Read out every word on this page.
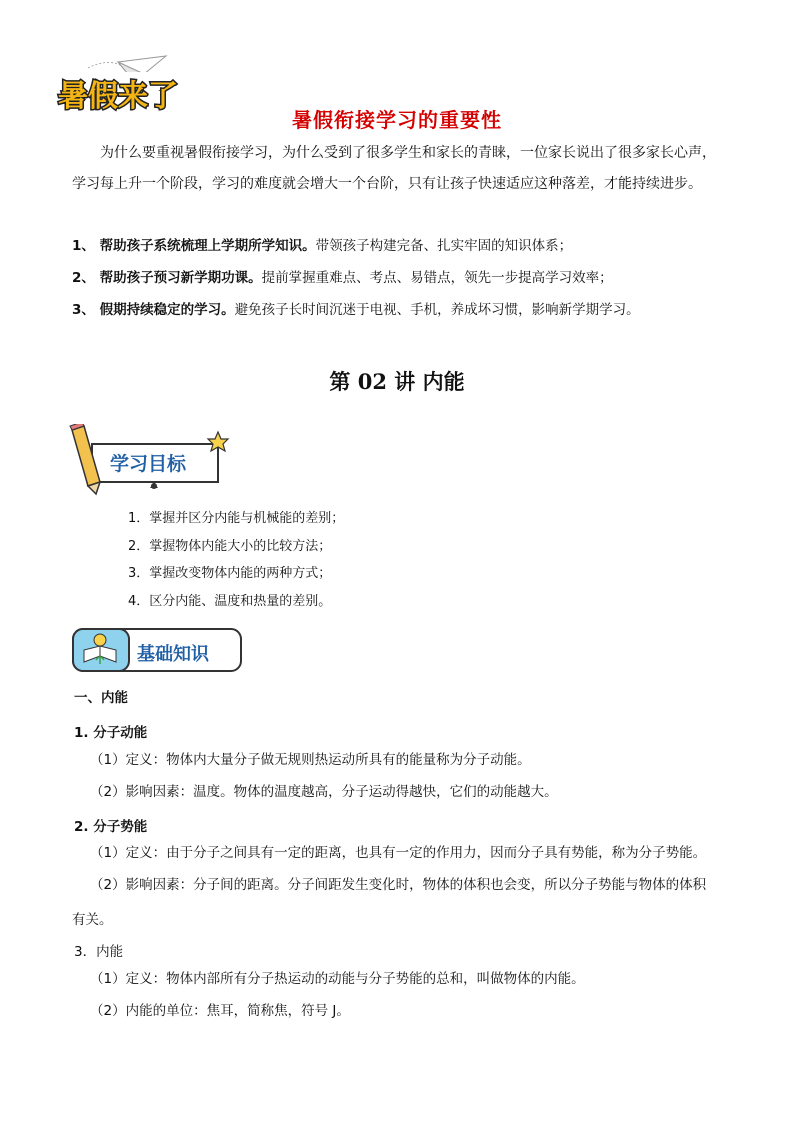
暑假来了
暑假衔接学习的重要性
为什么要重视暑假衔接学习，为什么受到了很多学生和家长的青睐，一位家长说出了很多家长心声，学习每上升一个阶段，学习的难度就会增大一个台阶，只有让孩子快速适应这种落差，才能持续进步。
1、 帮助孩子系统梳理上学期所学知识。带领孩子构建完备、扎实牢固的知识体系；
2、 帮助孩子预习新学期功课。提前掌握重难点、考点、易错点，领先一步提高学习效率；
3、 假期持续稳定的学习。避免孩子长时间沉迷于电视、手机，养成坏习惯，影响新学期学习。
第 02 讲 内能
学习目标
1．掌握并区分内能与机械能的差别；
2．掌握物体内能大小的比较方法；
3．掌握改变物体内能的两种方式；
4．区分内能、温度和热量的差别。
基础知识
一、内能
1. 分子动能
（1）定义：物体内大量分子做无规则热运动所具有的能量称为分子动能。
（2）影响因素：温度。物体的温度越高，分子运动得越快，它们的动能越大。
2. 分子势能
（1）定义：由于分子之间具有一定的距离，也具有一定的作用力，因而分子具有势能，称为分子势能。
（2）影响因素：分子间的距离。分子间距发生变化时，物体的体积也会变，所以分子势能与物体的体积
有关。
3．内能
（1）定义：物体内部所有分子热运动的动能与分子势能的总和，叫做物体的内能。
（2）内能的单位：焦耳，简称焦，符号 J。
